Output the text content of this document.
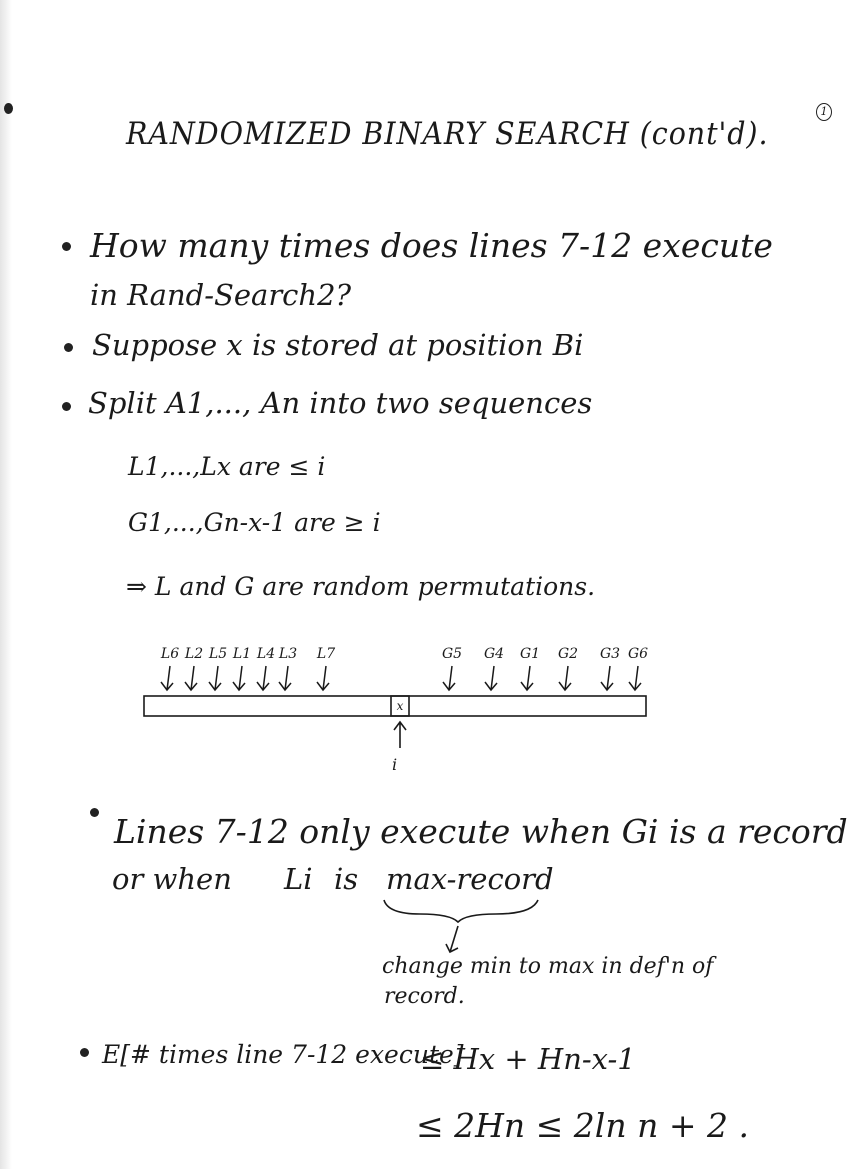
RANDOMIZED BINARY SEARCH (cont'd).
1
How many times does lines 7-12 execute
in Rand-Search2?
Suppose x is stored at position Bi
Split A1,..., An into two sequences
L1,...,Lx are ≤ i
G1,...,Gn-x-1 are ≥ i
⇒ L and G are random permutations.
L6 L2 L5 L1 L4 L3 L7	G5 G4 G1 G2 G3 G6
x
i
Lines 7-12 only execute when Gi is a record
or when Li is max-record
change min to max in def'n of
record.
E[# times line 7-12 execute]
≤ Hx + Hn-x-1
≤ 2Hn ≤ 2ln n + 2 .
